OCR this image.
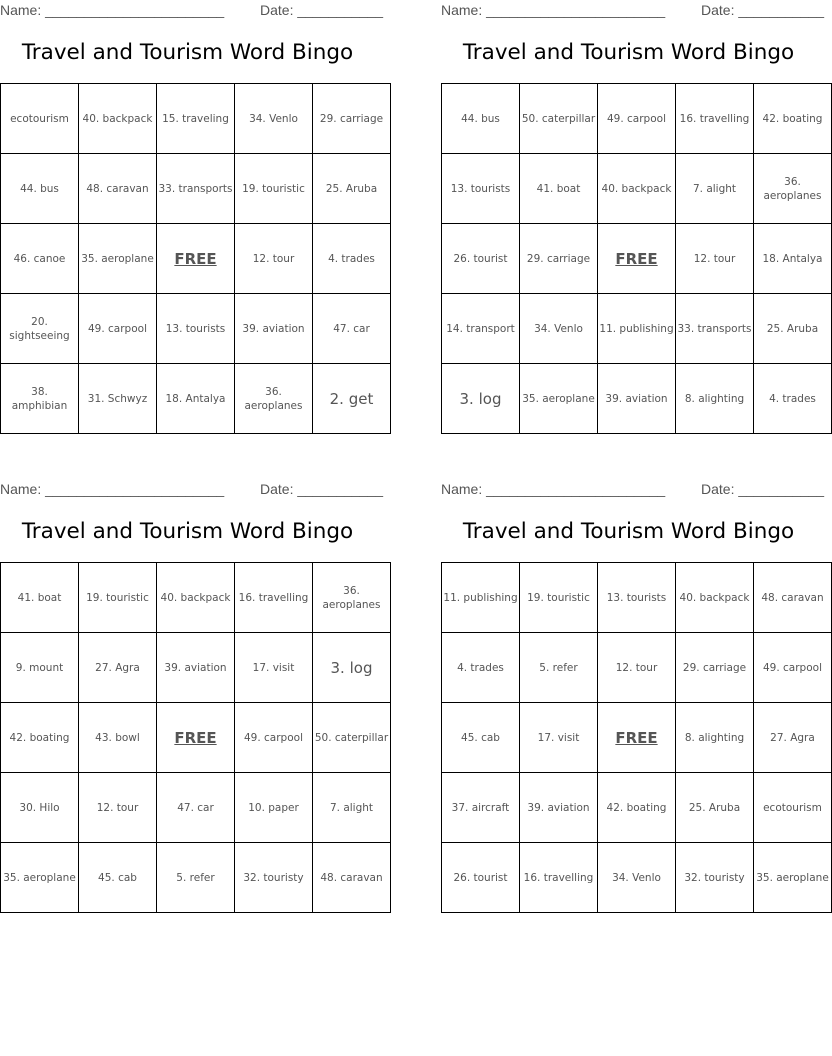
Name: _______________________	Date: ___________
Travel and Tourism Word Bingo
ecotourism	40. backpack	15. traveling	34. Venlo	29. carriage
44. bus	48. caravan	33. transports	19. touristic	25. Aruba
46. canoe	35. aeroplane	FREE	12. tour	4. trades
20. sightseeing	49. carpool	13. tourists	39. aviation	47. car
38. amphibian	31. Schwyz	18. Antalya	36. aeroplanes	2. get
Name: _______________________	Date: ___________
Travel and Tourism Word Bingo
44. bus	50. caterpillar	49. carpool	16. travelling	42. boating
13. tourists	41. boat	40. backpack	7. alight	36. aeroplanes
26. tourist	29. carriage	FREE	12. tour	18. Antalya
14. transport	34. Venlo	11. publishing	33. transports	25. Aruba
3. log	35. aeroplane	39. aviation	8. alighting	4. trades
Name: _______________________	Date: ___________
Travel and Tourism Word Bingo
41. boat	19. touristic	40. backpack	16. travelling	36. aeroplanes
9. mount	27. Agra	39. aviation	17. visit	3. log
42. boating	43. bowl	FREE	49. carpool	50. caterpillar
30. Hilo	12. tour	47. car	10. paper	7. alight
35. aeroplane	45. cab	5. refer	32. touristy	48. caravan
Name: _______________________	Date: ___________
Travel and Tourism Word Bingo
11. publishing	19. touristic	13. tourists	40. backpack	48. caravan
4. trades	5. refer	12. tour	29. carriage	49. carpool
45. cab	17. visit	FREE	8. alighting	27. Agra
37. aircraft	39. aviation	42. boating	25. Aruba	ecotourism
26. tourist	16. travelling	34. Venlo	32. touristy	35. aeroplane
